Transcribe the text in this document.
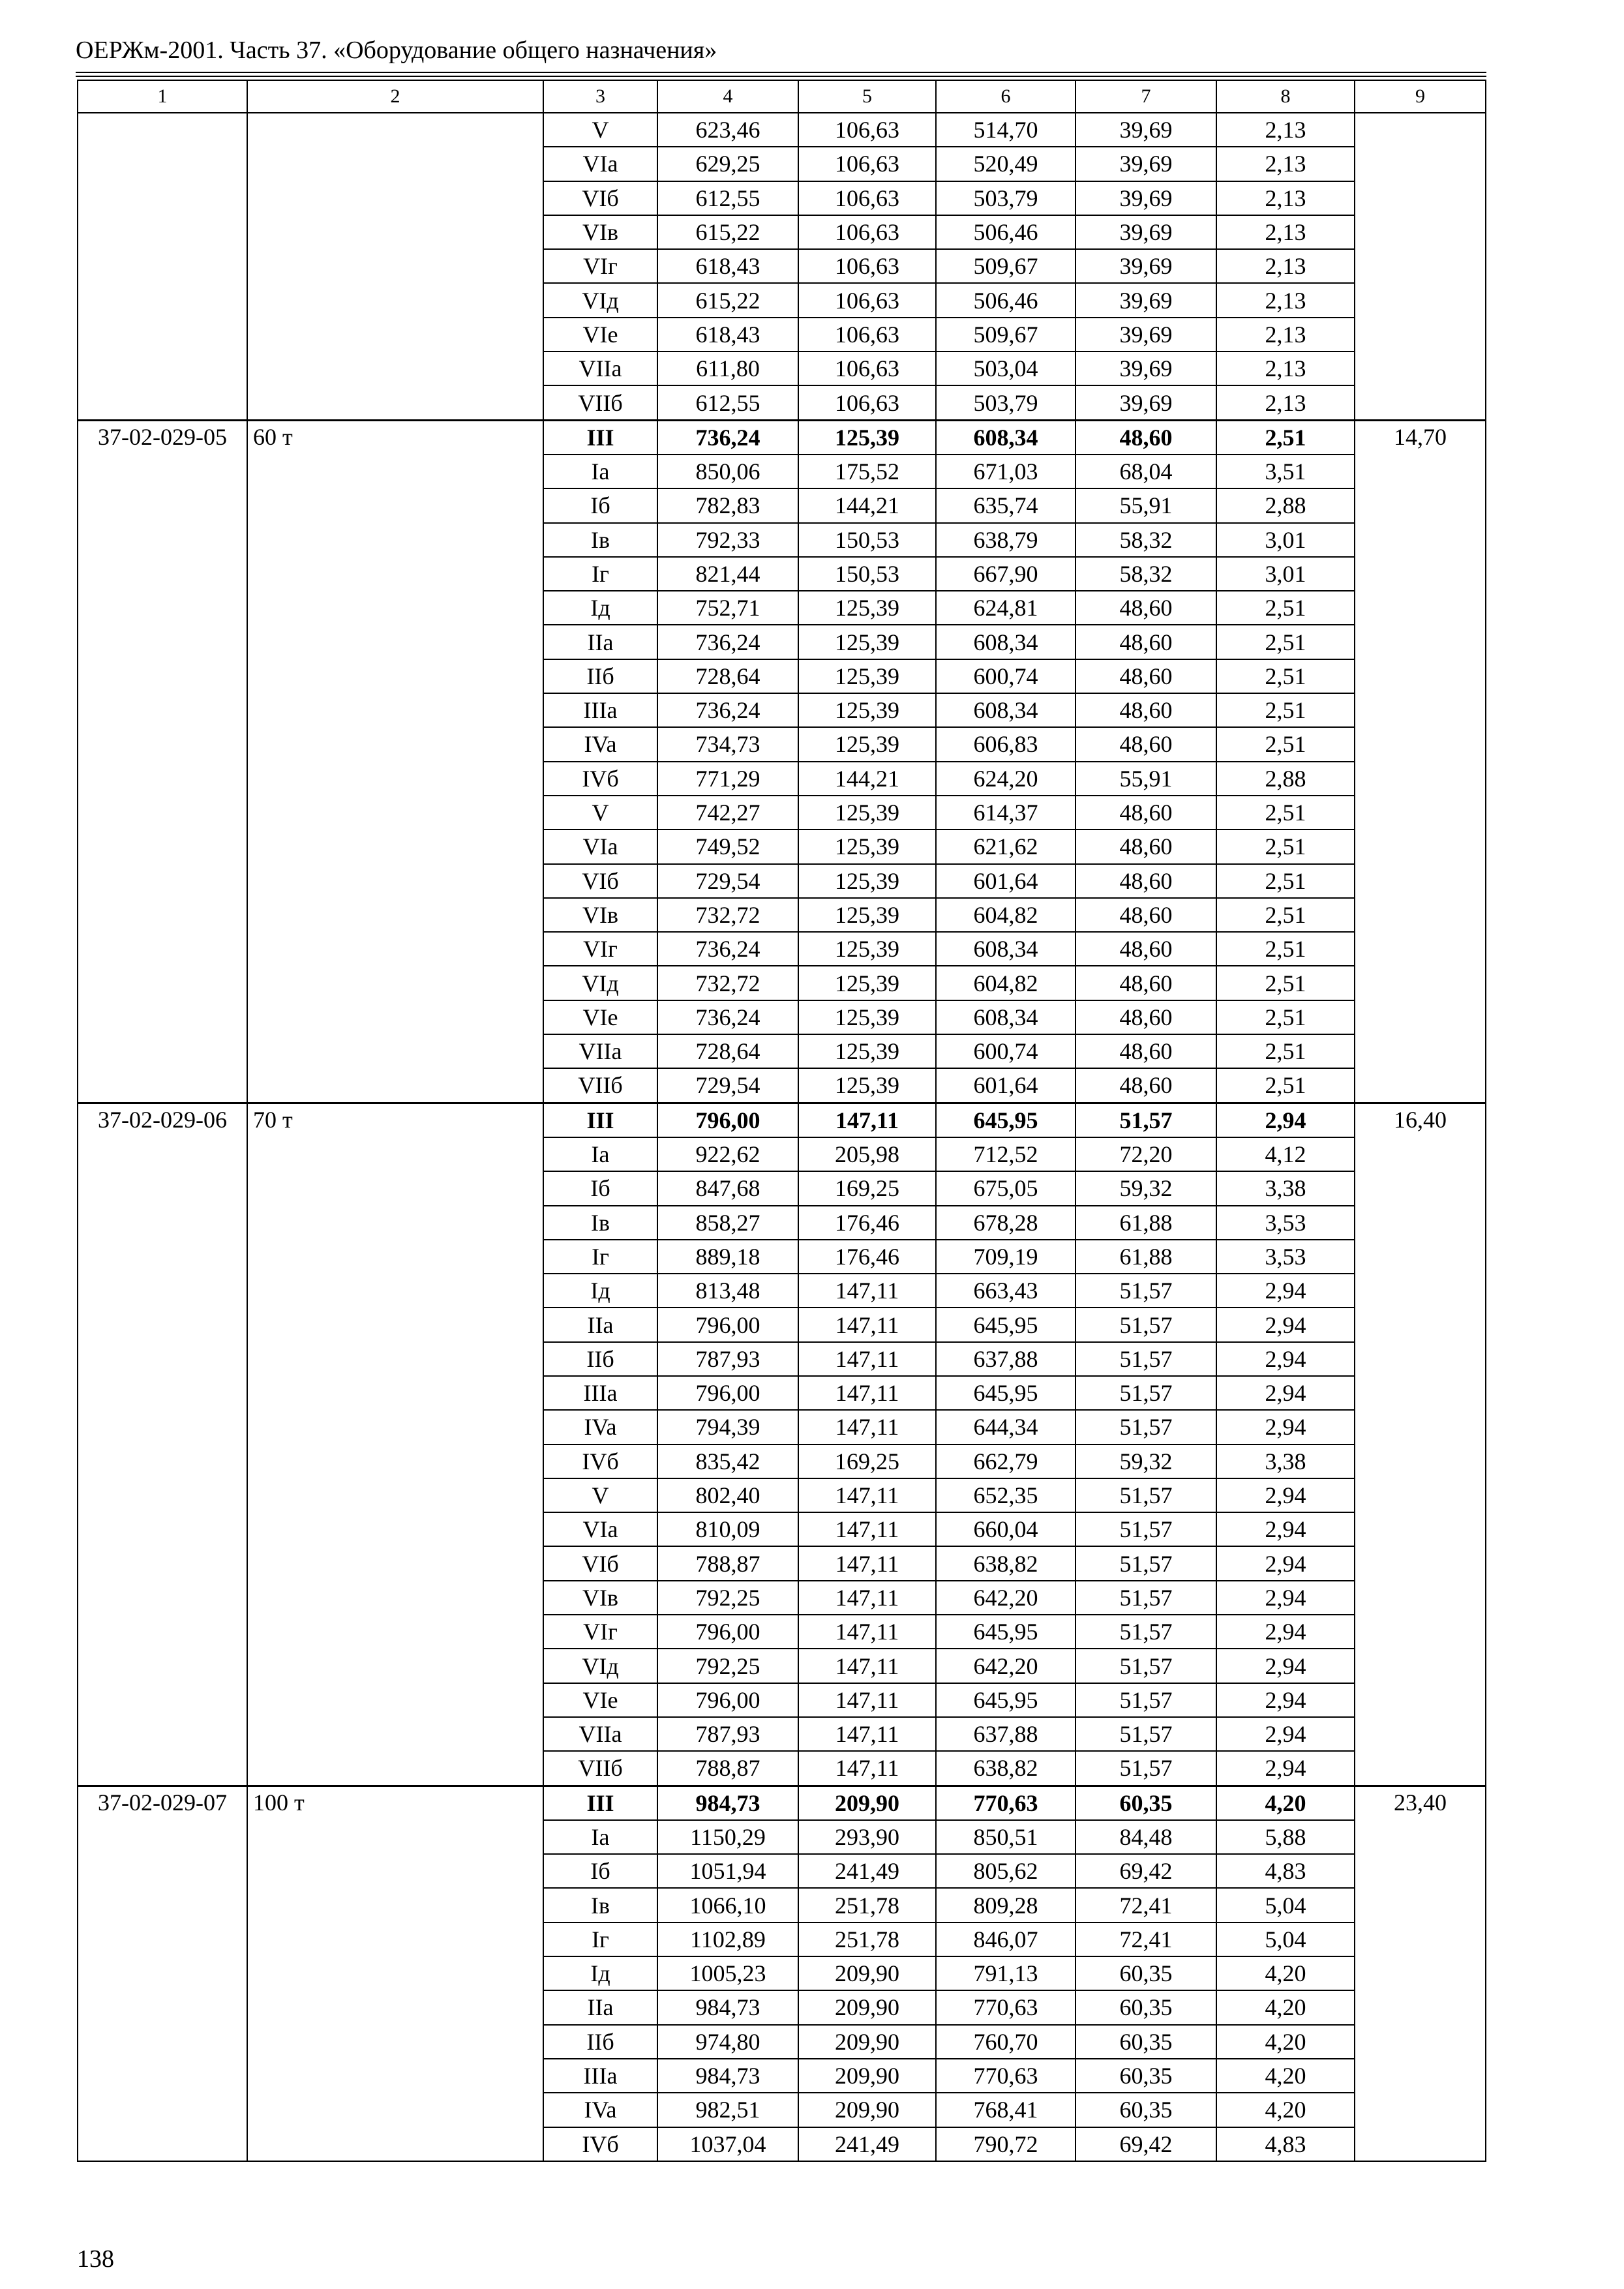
ОЕРЖм-2001. Часть 37. «Оборудование общего назначения»
1	2	3	4	5	6	7	8	9
		V	623,46	106,63	514,70	39,69	2,13	
		VIa	629,25	106,63	520,49	39,69	2,13	
		VIб	612,55	106,63	503,79	39,69	2,13	
		VIв	615,22	106,63	506,46	39,69	2,13	
		VIг	618,43	106,63	509,67	39,69	2,13	
		VIд	615,22	106,63	506,46	39,69	2,13	
		VIe	618,43	106,63	509,67	39,69	2,13	
		VIIa	611,80	106,63	503,04	39,69	2,13	
		VIIб	612,55	106,63	503,79	39,69	2,13	
37-02-029-05	60 т	III	736,24	125,39	608,34	48,60	2,51	14,70
		Ia	850,06	175,52	671,03	68,04	3,51	
		Iб	782,83	144,21	635,74	55,91	2,88	
		Iв	792,33	150,53	638,79	58,32	3,01	
		Iг	821,44	150,53	667,90	58,32	3,01	
		Iд	752,71	125,39	624,81	48,60	2,51	
		IIa	736,24	125,39	608,34	48,60	2,51	
		IIб	728,64	125,39	600,74	48,60	2,51	
		IIIa	736,24	125,39	608,34	48,60	2,51	
		IVa	734,73	125,39	606,83	48,60	2,51	
		IVб	771,29	144,21	624,20	55,91	2,88	
		V	742,27	125,39	614,37	48,60	2,51	
		VIa	749,52	125,39	621,62	48,60	2,51	
		VIб	729,54	125,39	601,64	48,60	2,51	
		VIв	732,72	125,39	604,82	48,60	2,51	
		VIг	736,24	125,39	608,34	48,60	2,51	
		VIд	732,72	125,39	604,82	48,60	2,51	
		VIe	736,24	125,39	608,34	48,60	2,51	
		VIIa	728,64	125,39	600,74	48,60	2,51	
		VIIб	729,54	125,39	601,64	48,60	2,51	
37-02-029-06	70 т	III	796,00	147,11	645,95	51,57	2,94	16,40
		Ia	922,62	205,98	712,52	72,20	4,12	
		Iб	847,68	169,25	675,05	59,32	3,38	
		Iв	858,27	176,46	678,28	61,88	3,53	
		Iг	889,18	176,46	709,19	61,88	3,53	
		Iд	813,48	147,11	663,43	51,57	2,94	
		IIa	796,00	147,11	645,95	51,57	2,94	
		IIб	787,93	147,11	637,88	51,57	2,94	
		IIIa	796,00	147,11	645,95	51,57	2,94	
		IVa	794,39	147,11	644,34	51,57	2,94	
		IVб	835,42	169,25	662,79	59,32	3,38	
		V	802,40	147,11	652,35	51,57	2,94	
		VIa	810,09	147,11	660,04	51,57	2,94	
		VIб	788,87	147,11	638,82	51,57	2,94	
		VIв	792,25	147,11	642,20	51,57	2,94	
		VIг	796,00	147,11	645,95	51,57	2,94	
		VIд	792,25	147,11	642,20	51,57	2,94	
		VIe	796,00	147,11	645,95	51,57	2,94	
		VIIa	787,93	147,11	637,88	51,57	2,94	
		VIIб	788,87	147,11	638,82	51,57	2,94	
37-02-029-07	100 т	III	984,73	209,90	770,63	60,35	4,20	23,40
		Ia	1150,29	293,90	850,51	84,48	5,88	
		Iб	1051,94	241,49	805,62	69,42	4,83	
		Iв	1066,10	251,78	809,28	72,41	5,04	
		Iг	1102,89	251,78	846,07	72,41	5,04	
		Iд	1005,23	209,90	791,13	60,35	4,20	
		IIa	984,73	209,90	770,63	60,35	4,20	
		IIб	974,80	209,90	760,70	60,35	4,20	
		IIIa	984,73	209,90	770,63	60,35	4,20	
		IVa	982,51	209,90	768,41	60,35	4,20	
		IVб	1037,04	241,49	790,72	69,42	4,83	
138
